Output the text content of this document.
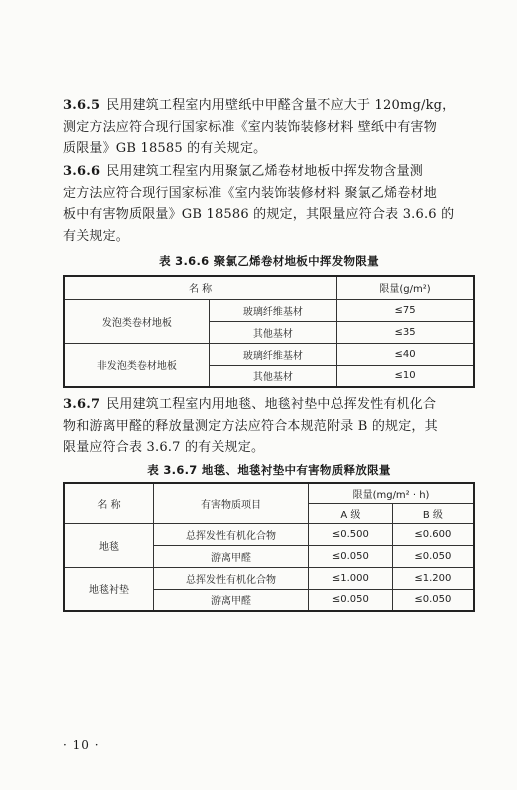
3.6.5 民用建筑工程室内用壁纸中甲醛含量不应大于 120mg/kg，
测定方法应符合现行国家标准《室内装饰装修材料 壁纸中有害物
质限量》GB 18585 的有关规定。
3.6.6 民用建筑工程室内用聚氯乙烯卷材地板中挥发物含量测
定方法应符合现行国家标准《室内装饰装修材料 聚氯乙烯卷材地
板中有害物质限量》GB 18586 的规定，其限量应符合表 3.6.6 的
有关规定。
表 3.6.6 聚氯乙烯卷材地板中挥发物限量
名 称		限量(g/m²)
发泡类卷材地板	玻璃纤维基材	≤75
	其他基材	≤35
非发泡类卷材地板	玻璃纤维基材	≤40
	其他基材	≤10
3.6.7 民用建筑工程室内用地毯、地毯衬垫中总挥发性有机化合
物和游离甲醛的释放量测定方法应符合本规范附录 B 的规定，其
限量应符合表 3.6.7 的有关规定。
表 3.6.7 地毯、地毯衬垫中有害物质释放限量
名 称	有害物质项目	限量(mg/m² · h)	
		A 级	B 级
地毯	总挥发性有机化合物	≤0.500	≤0.600
	游离甲醛	≤0.050	≤0.050
地毯衬垫	总挥发性有机化合物	≤1.000	≤1.200
	游离甲醛	≤0.050	≤0.050
· 10 ·
